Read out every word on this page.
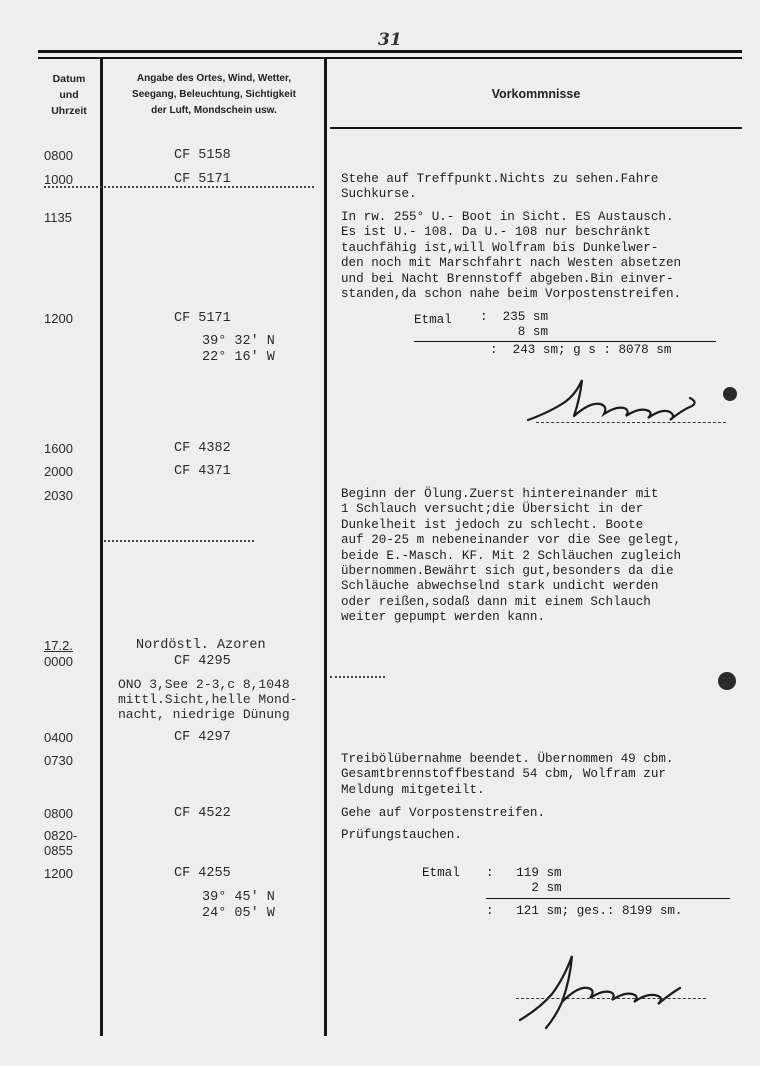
31
Datum
und
Uhrzeit
Angabe des Ortes, Wind, Wetter,
Seegang, Beleuchtung, Sichtigkeit
der Luft, Mondschein usw.
Vorkommnisse
0800
1000
1135
1200
1600
2000
2030
17.2.
0000
0400
0730
0800
0820-
0855
1200
CF 5158
CF 5171
CF 5171
39° 32' N
22° 16' W
CF 4382
CF 4371
Nordöstl. Azoren
CF 4295
ONO 3,See 2-3,c 8,1048
mittl.Sicht,helle Mond-
nacht, niedrige Dünung
CF 4297
CF 4522
CF 4255
39° 45' N
24° 05' W
Stehe auf Treffpunkt.Nichts zu sehen.Fahre
Suchkurse.
In rw. 255° U.- Boot in Sicht. ES Austausch.
Es ist U.- 108. Da U.- 108 nur beschränkt
tauchfähig ist,will Wolfram bis Dunkelwer-
den noch mit Marschfahrt nach Westen absetzen
und bei Nacht Brennstoff abgeben.Bin einver-
standen,da schon nahe beim Vorpostenstreifen.
Etmal :  235 sm
8 sm
:  243 sm; g s : 8078 sm
Beginn der Ölung.Zuerst hintereinander mit
1 Schlauch versucht;die Übersicht in der
Dunkelheit ist jedoch zu schlecht. Boote
auf 20-25 m nebeneinander vor die See gelegt,
beide E.-Masch. KF. Mit 2 Schläuchen zugleich
übernommen.Bewährt sich gut,besonders da die
Schläuche abwechselnd stark undicht werden
oder reißen,sodaß dann mit einem Schlauch
weiter gepumpt werden kann.
Treibölübernahme beendet. Übernommen 49 cbm.
Gesamtbrennstoffbestand 54 cbm, Wolfram zur
Meldung mitgeteilt.
Gehe auf Vorpostenstreifen.
Prüfungstauchen.
Etmal :   119 sm
2 sm
:   121 sm; ges.: 8199 sm.
